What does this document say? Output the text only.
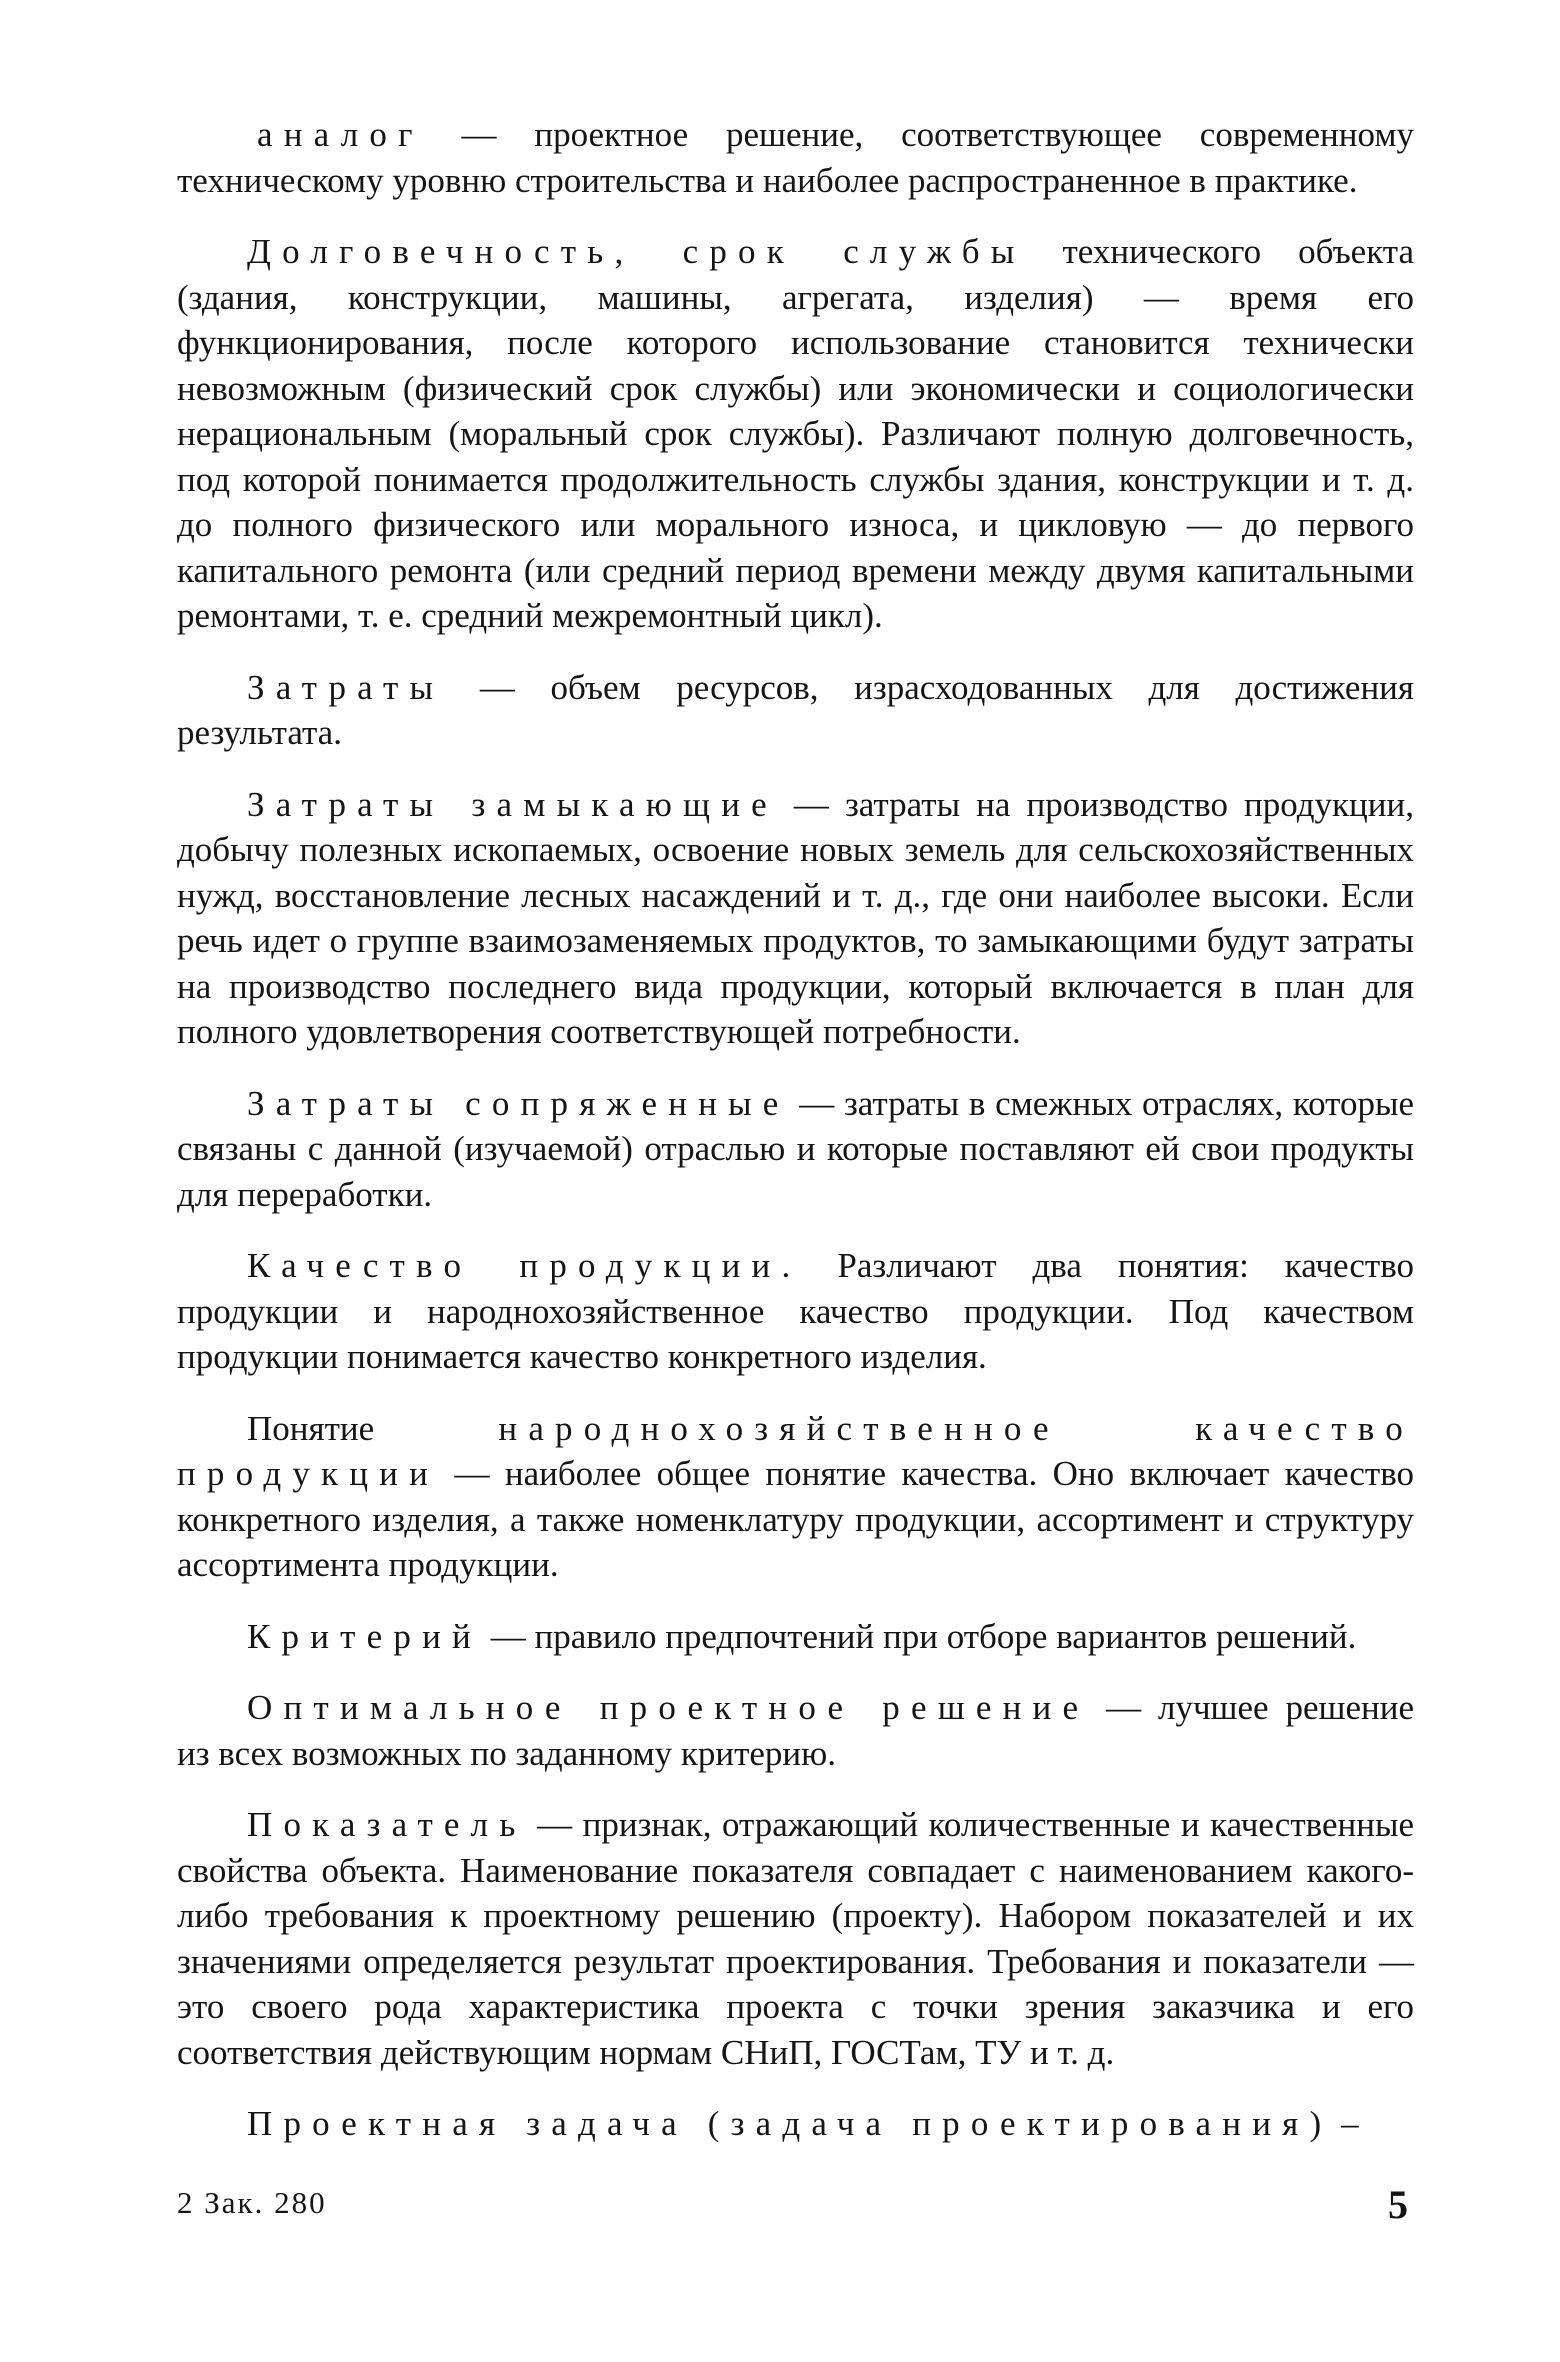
аналог — проектное решение, соответствующее современному техническому уровню строительства и наиболее распространенное в практике.

Долговечность, срок службы технического объекта (здания, конструкции, машины, агрегата, изделия) — время его функционирования, после которого использование становится технически невозможным (физический срок службы) или экономически и социологически нерациональным (моральный срок службы). Различают полную долговечность, под которой понимается продолжительность службы здания, конструкции и т. д. до полного физического или морального износа, и цикловую — до первого капитального ремонта (или средний период времени между двумя капитальными ремонтами, т. е. средний межремонтный цикл).

Затраты — объем ресурсов, израсходованных для достижения результата.

Затраты замыкающие — затраты на производство продукции, добычу полезных ископаемых, освоение новых земель для сельскохозяйственных нужд, восстановление лесных насаждений и т. д., где они наиболее высоки. Если речь идет о группе взаимозаменяемых продуктов, то замыкающими будут затраты на производство последнего вида продукции, который включается в план для полного удовлетворения соответствующей потребности.

Затраты сопряженные — затраты в смежных отраслях, которые связаны с данной (изучаемой) отраслью и которые поставляют ей свои продукты для переработки.

Качество продукции. Различают два понятия: качество продукции и народнохозяйственное качество продукции. Под качеством продукции понимается качество конкретного изделия.

Понятие народнохозяйственное качество продукции — наиболее общее понятие качества. Оно включает качество конкретного изделия, а также номенклатуру продукции, ассортимент и структуру ассортимента продукции.

Критерий — правило предпочтений при отборе вариантов решений.

Оптимальное проектное решение — лучшее решение из всех возможных по заданному критерию.

Показатель — признак, отражающий количественные и качественные свойства объекта. Наименование показателя совпадает с наименованием какого-либо требования к проектному решению (проекту). Набором показателей и их значениями определяется результат проектирования. Требования и показатели — это своего рода характеристика проекта с точки зрения заказчика и его соответствия действующим нормам СНиП, ГОСТам, ТУ и т. д.

Проектная задача (задача проектирования) –

2 Зак. 280	5
